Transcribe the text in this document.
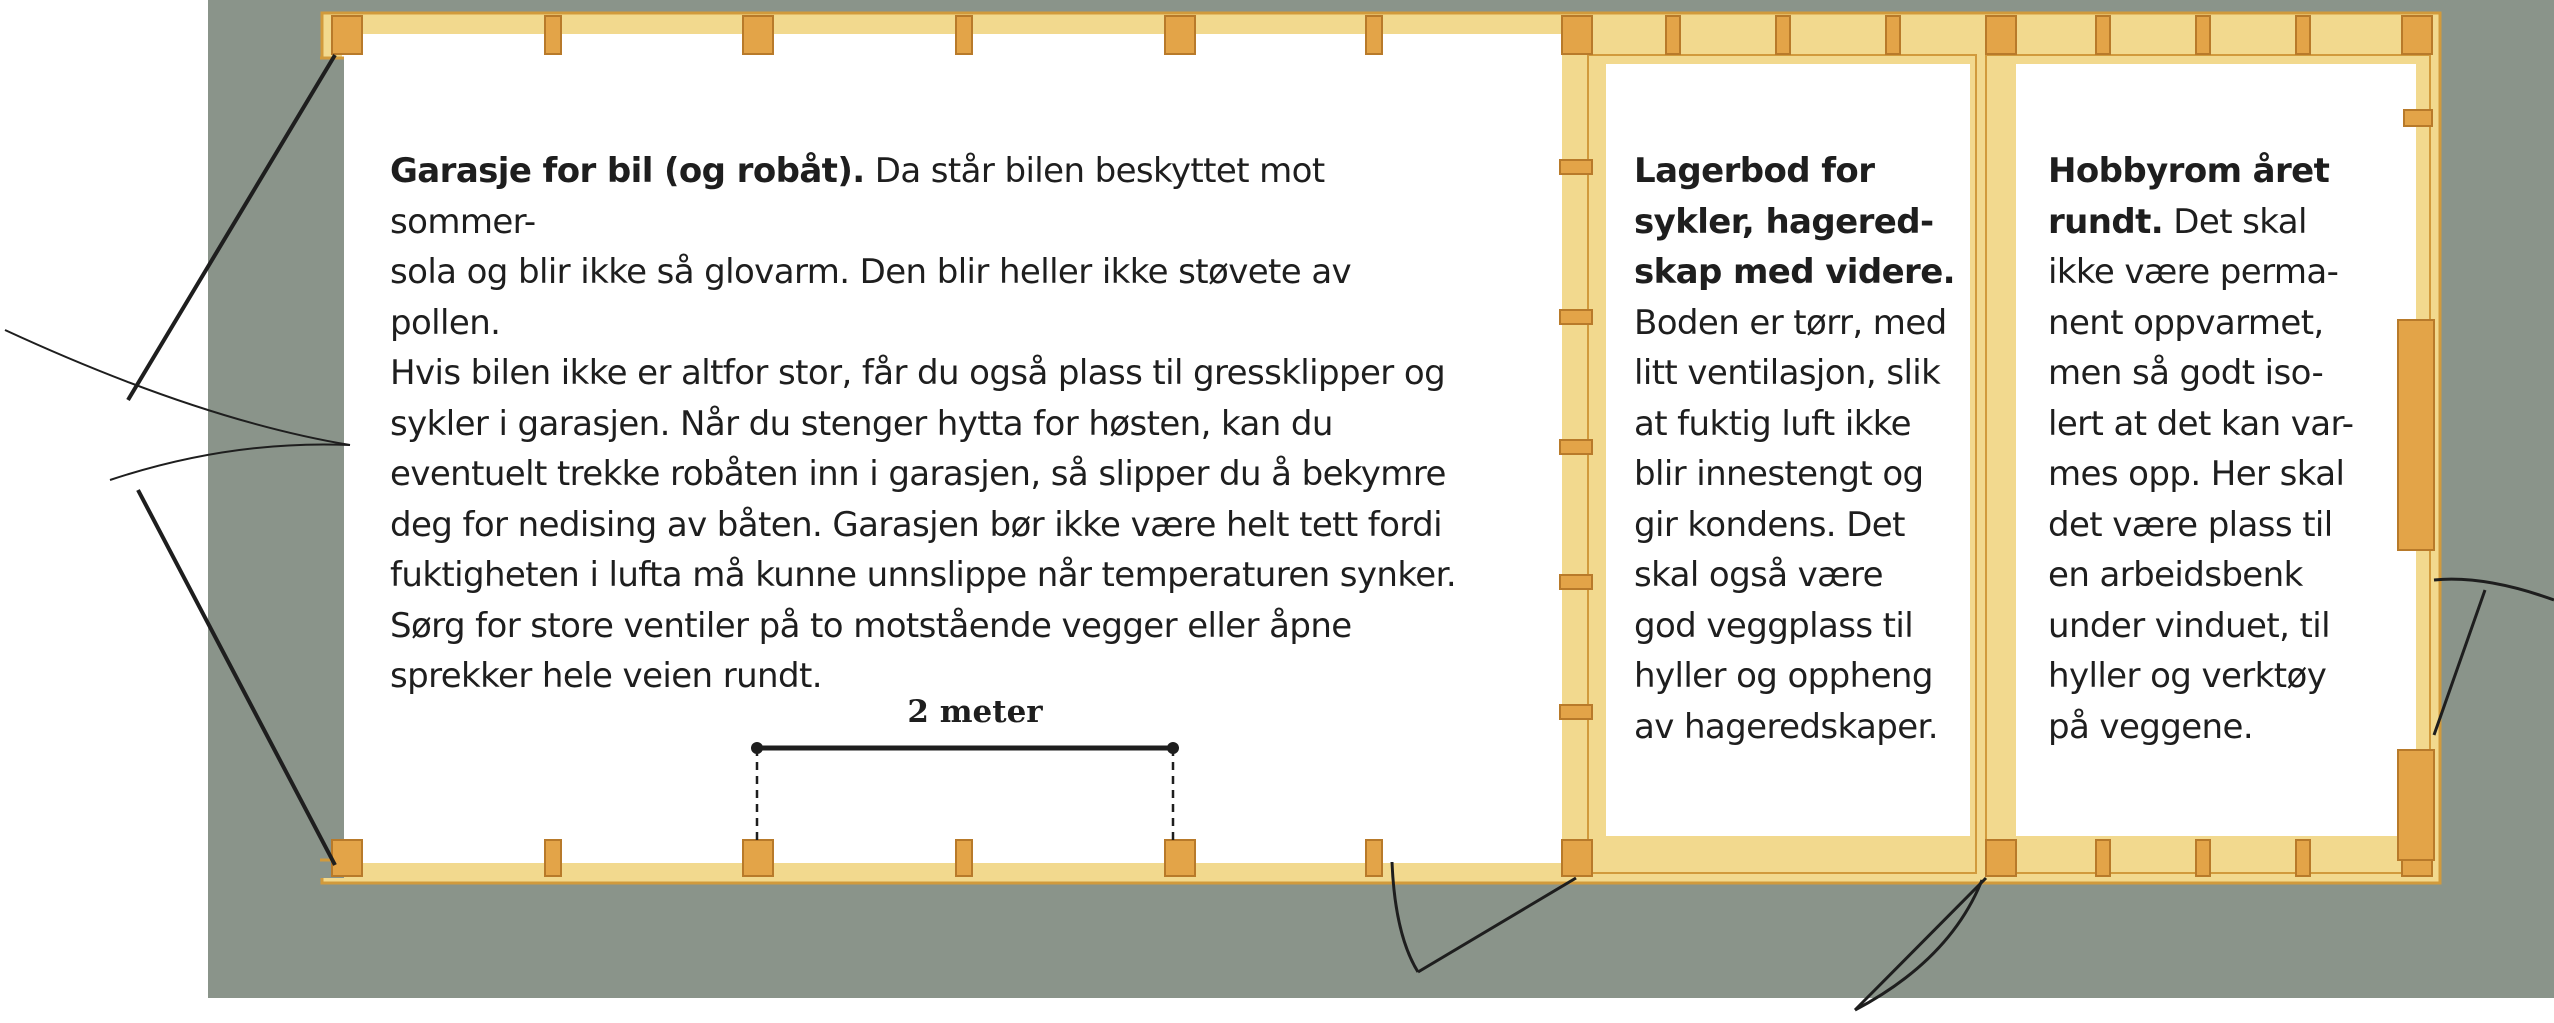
Garasje for bil (og robåt). Da står bilen beskyttet mot sommer-
sola og blir ikke så glovarm. Den blir heller ikke støvete av pollen.
Hvis bilen ikke er altfor stor, får du også plass til gressklipper og
sykler i garasjen. Når du stenger hytta for høsten, kan du
eventuelt trekke robåten inn i garasjen, så slipper du å bekymre
deg for nedising av båten. Garasjen bør ikke være helt tett fordi
fuktigheten i lufta må kunne unnslippe når temperaturen synker.
Sørg for store ventiler på to motstående vegger eller åpne
sprekker hele veien rundt.
Lagerbod for
sykler, hagered-
skap med videre.
Boden er tørr, med
litt ventilasjon, slik
at fuktig luft ikke
blir innestengt og
gir kondens. Det
skal også være
god veggplass til
hyller og oppheng
av hageredskaper.
Hobbyrom året
rundt. Det skal
ikke være perma-
nent oppvarmet,
men så godt iso-
lert at det kan var-
mes opp. Her skal
det være plass til
en arbeidsbenk
under vinduet, til
hyller og verktøy
på veggene.
2 meter
